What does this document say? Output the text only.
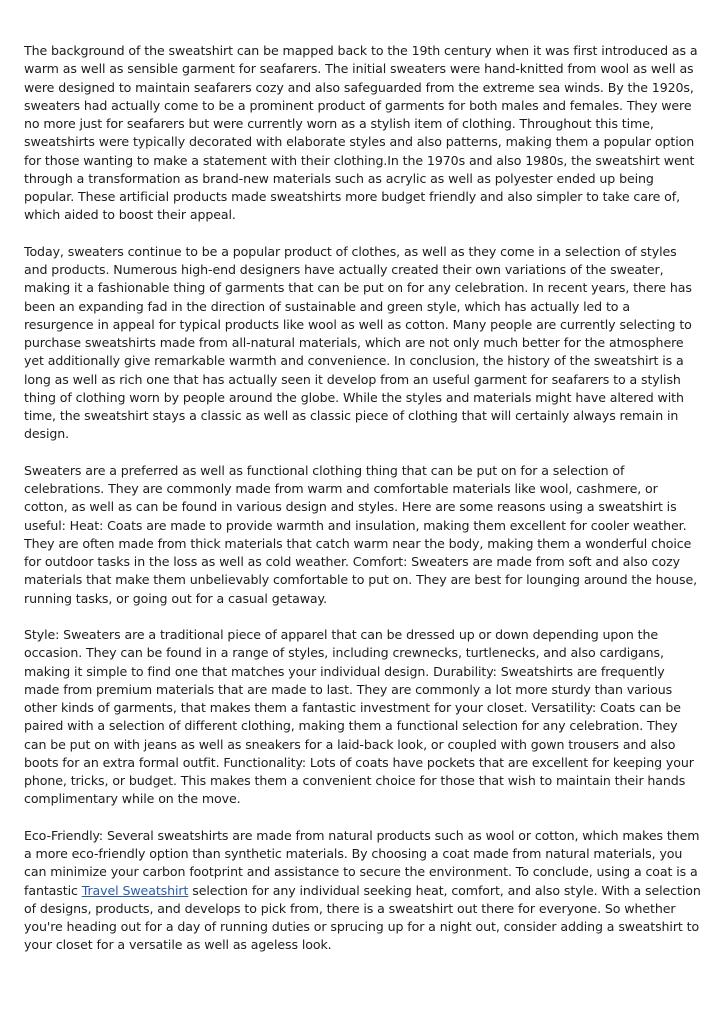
The background of the sweatshirt can be mapped back to the 19th century when it was first introduced as a warm as well as sensible garment for seafarers. The initial sweaters were hand-knitted from wool as well as were designed to maintain seafarers cozy and also safeguarded from the extreme sea winds. By the 1920s, sweaters had actually come to be a prominent product of garments for both males and females. They were no more just for seafarers but were currently worn as a stylish item of clothing. Throughout this time, sweatshirts were typically decorated with elaborate styles and also patterns, making them a popular option for those wanting to make a statement with their clothing.In the 1970s and also 1980s, the sweatshirt went through a transformation as brand-new materials such as acrylic as well as polyester ended up being popular. These artificial products made sweatshirts more budget friendly and also simpler to take care of, which aided to boost their appeal.

Today, sweaters continue to be a popular product of clothes, as well as they come in a selection of styles and products. Numerous high-end designers have actually created their own variations of the sweater, making it a fashionable thing of garments that can be put on for any celebration. In recent years, there has been an expanding fad in the direction of sustainable and green style, which has actually led to a resurgence in appeal for typical products like wool as well as cotton. Many people are currently selecting to purchase sweatshirts made from all-natural materials, which are not only much better for the atmosphere yet additionally give remarkable warmth and convenience. In conclusion, the history of the sweatshirt is a long as well as rich one that has actually seen it develop from an useful garment for seafarers to a stylish thing of clothing worn by people around the globe. While the styles and materials might have altered with time, the sweatshirt stays a classic as well as classic piece of clothing that will certainly always remain in design.

Sweaters are a preferred as well as functional clothing thing that can be put on for a selection of celebrations. They are commonly made from warm and comfortable materials like wool, cashmere, or cotton, as well as can be found in various design and styles. Here are some reasons using a sweatshirt is useful: Heat: Coats are made to provide warmth and insulation, making them excellent for cooler weather. They are often made from thick materials that catch warm near the body, making them a wonderful choice for outdoor tasks in the loss as well as cold weather. Comfort: Sweaters are made from soft and also cozy materials that make them unbelievably comfortable to put on. They are best for lounging around the house, running tasks, or going out for a casual getaway.

Style: Sweaters are a traditional piece of apparel that can be dressed up or down depending upon the occasion. They can be found in a range of styles, including crewnecks, turtlenecks, and also cardigans, making it simple to find one that matches your individual design. Durability: Sweatshirts are frequently made from premium materials that are made to last. They are commonly a lot more sturdy than various other kinds of garments, that makes them a fantastic investment for your closet. Versatility: Coats can be paired with a selection of different clothing, making them a functional selection for any celebration. They can be put on with jeans as well as sneakers for a laid-back look, or coupled with gown trousers and also boots for an extra formal outfit. Functionality: Lots of coats have pockets that are excellent for keeping your phone, tricks, or budget. This makes them a convenient choice for those that wish to maintain their hands complimentary while on the move.

Eco-Friendly: Several sweatshirts are made from natural products such as wool or cotton, which makes them a more eco-friendly option than synthetic materials. By choosing a coat made from natural materials, you can minimize your carbon footprint and assistance to secure the environment. To conclude, using a coat is a fantastic Travel Sweatshirt selection for any individual seeking heat, comfort, and also style. With a selection of designs, products, and develops to pick from, there is a sweatshirt out there for everyone. So whether you're heading out for a day of running duties or sprucing up for a night out, consider adding a sweatshirt to your closet for a versatile as well as ageless look.
